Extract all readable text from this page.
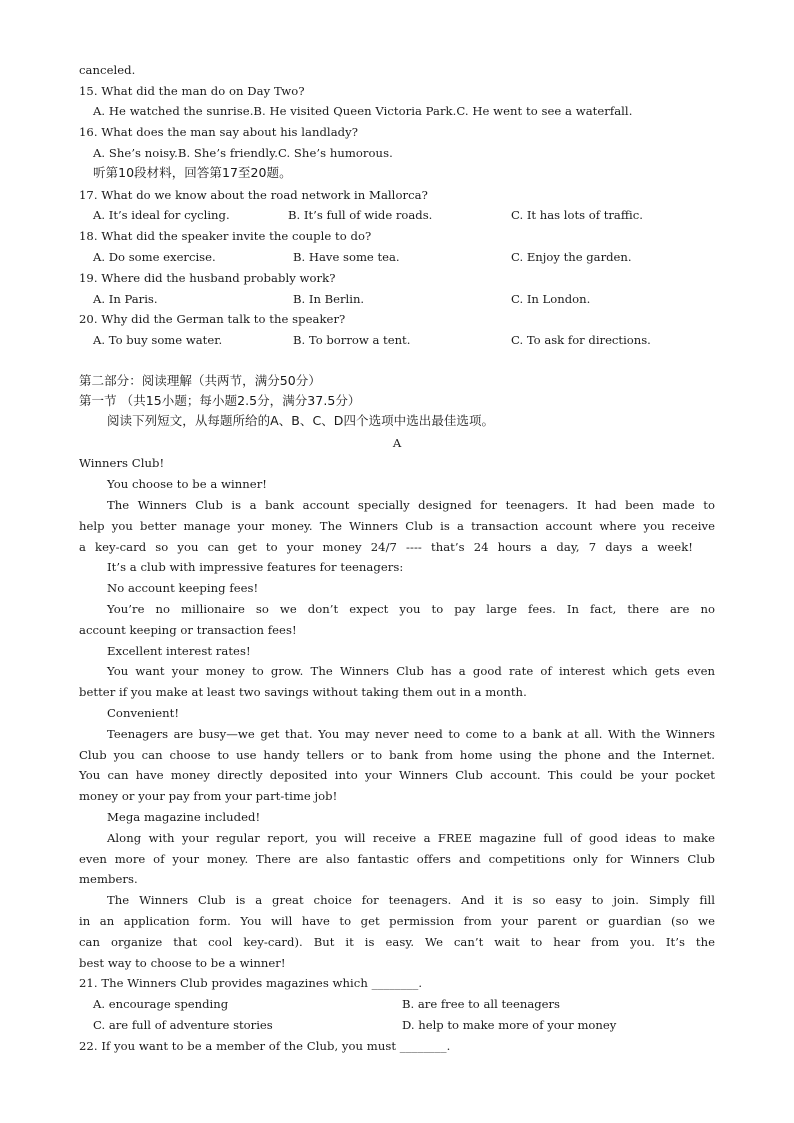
canceled.
15. What did the man do on Day Two?
A. He watched the sunrise.B. He visited Queen Victoria Park.C. He went to see a waterfall.
16. What does the man say about his landlady?
A. She’s noisy.B. She’s friendly.C. She’s humorous.
听第10段材料，回答第17至20题。
17. What do we know about the road network in Mallorca?
A. It’s ideal for cycling.	B. It’s full of wide roads.	C. It has lots of traffic.
18. What did the speaker invite the couple to do?
A. Do some exercise.	B. Have some tea.	C. Enjoy the garden.
19. Where did the husband probably work?
A. In Paris.	B. In Berlin.	C. In London.
20. Why did the German talk to the speaker?
A. To buy some water.	B. To borrow a tent.	C. To ask for directions.
第二部分：阅读理解（共两节，满分50分）
第一节 （共15小题；每小题2.5分，满分37.5分）
阅读下列短文，从每题所给的A、B、C、D四个选项中选出最佳选项。
A
Winners Club!
You choose to be a winner!
The Winners Club is a bank account specially designed for teenagers. It had been made to
help you better manage your money. The Winners Club is a transaction account where you receive
a key-card so you can get to your money 24/7 ---- that’s 24 hours a day, 7 days a week!
It’s a club with impressive features for teenagers:
No account keeping fees!
You’re no millionaire so we don’t expect you to pay large fees. In fact, there are no
account keeping or transaction fees!
Excellent interest rates!
You want your money to grow. The Winners Club has a good rate of interest which gets even
better if you make at least two savings without taking them out in a month.
Convenient!
Teenagers are busy—we get that. You may never need to come to a bank at all. With the Winners
Club you can choose to use handy tellers or to bank from home using the phone and the Internet.
You can have money directly deposited into your Winners Club account. This could be your pocket
money or your pay from your part-time job!
Mega magazine included!
Along with your regular report, you will receive a FREE magazine full of good ideas to make
even more of your money. There are also fantastic offers and competitions only for Winners Club
members.
The Winners Club is a great choice for teenagers. And it is so easy to join. Simply fill
in an application form. You will have to get permission from your parent or guardian (so we
can organize that cool key-card). But it is easy. We can’t wait to hear from you. It’s the
best way to choose to be a winner!
21. The Winners Club provides magazines which ________.
A. encourage spending	B. are free to all teenagers
C. are full of adventure stories	D. help to make more of your money
22. If you want to be a member of the Club, you must ________.
